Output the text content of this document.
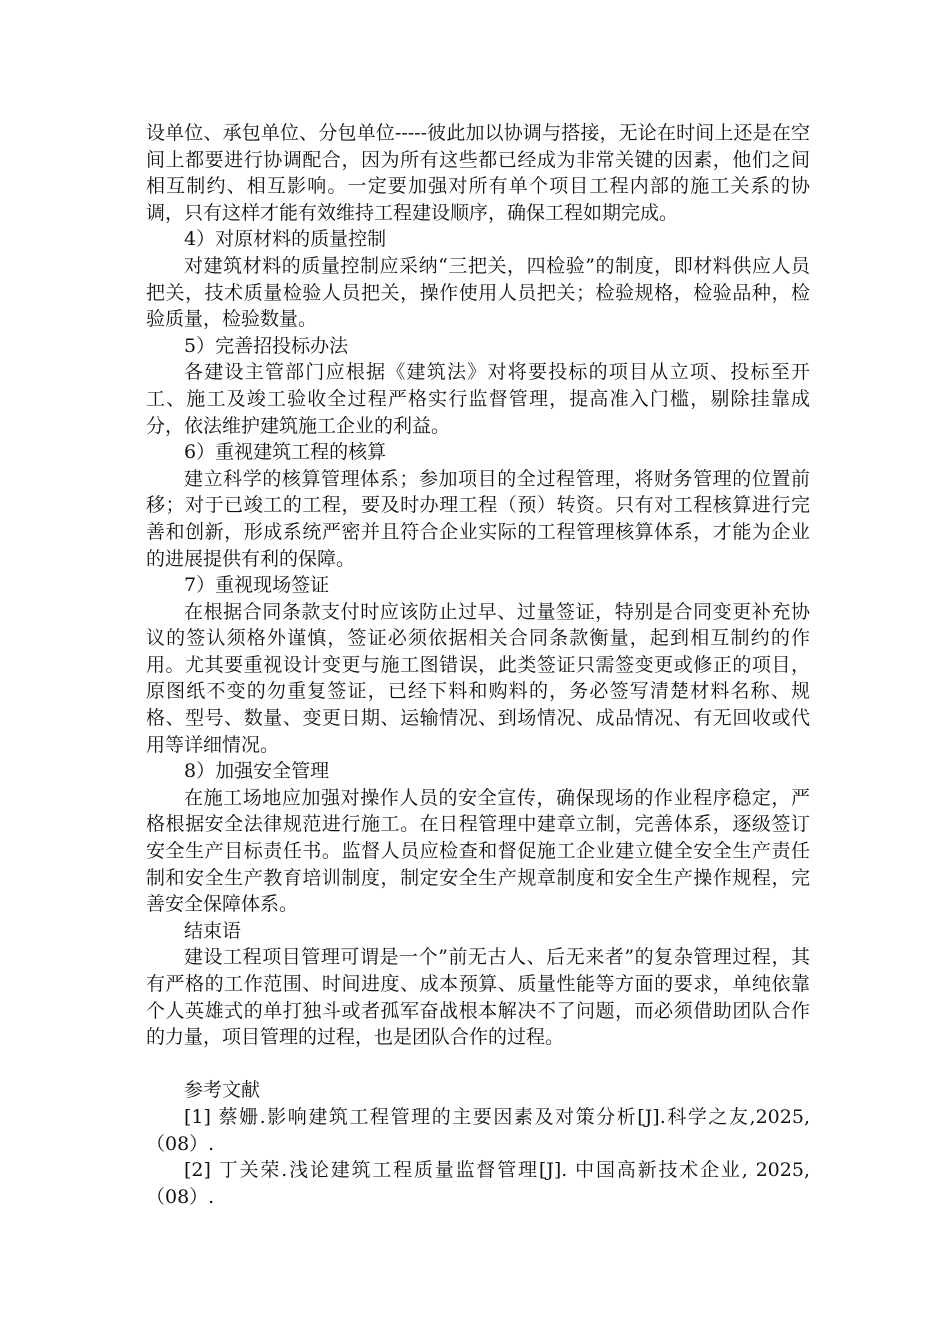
设单位、承包单位、分包单位-----彼此加以协调与搭接，无论在时间上还是在空间上都要进行协调配合，因为所有这些都已经成为非常关键的因素，他们之间相互制约、相互影响。一定要加强对所有单个项目工程内部的施工关系的协调，只有这样才能有效维持工程建设顺序，确保工程如期完成。

4）对原材料的质量控制

对建筑材料的质量控制应采纳“三把关，四检验”的制度，即材料供应人员把关，技术质量检验人员把关，操作使用人员把关；检验规格，检验品种，检验质量，检验数量。

5）完善招投标办法

各建设主管部门应根据《建筑法》对将要投标的项目从立项、投标至开工、施工及竣工验收全过程严格实行监督管理，提高准入门槛，剔除挂靠成分，依法维护建筑施工企业的利益。

6）重视建筑工程的核算

建立科学的核算管理体系；参加项目的全过程管理，将财务管理的位置前移；对于已竣工的工程，要及时办理工程（预）转资。只有对工程核算进行完善和创新，形成系统严密并且符合企业实际的工程管理核算体系，才能为企业的进展提供有利的保障。

7）重视现场签证

在根据合同条款支付时应该防止过早、过量签证，特别是合同变更补充协议的签认须格外谨慎，签证必须依据相关合同条款衡量，起到相互制约的作用。尤其要重视设计变更与施工图错误，此类签证只需签变更或修正的项目，原图纸不变的勿重复签证，已经下料和购料的，务必签写清楚材料名称、规格、型号、数量、变更日期、运输情况、到场情况、成品情况、有无回收或代用等详细情况。

8）加强安全管理

在施工场地应加强对操作人员的安全宣传，确保现场的作业程序稳定，严格根据安全法律规范进行施工。在日程管理中建章立制，完善体系，逐级签订安全生产目标责任书。监督人员应检查和督促施工企业建立健全安全生产责任制和安全生产教育培训制度，制定安全生产规章制度和安全生产操作规程，完善安全保障体系。

结束语

建设工程项目管理可谓是一个”前无古人、后无来者”的复杂管理过程，其有严格的工作范围、时间进度、成本预算、质量性能等方面的要求，单纯依靠个人英雄式的单打独斗或者孤军奋战根本解决不了问题，而必须借助团队合作的力量，项目管理的过程，也是团队合作的过程。

参考文献

[1] 蔡姗.影响建筑工程管理的主要因素及对策分析[J].科学之友,2025,（08）.

[2] 丁关荣.浅论建筑工程质量监督管理[J]. 中国高新技术企业, 2025,（08）.
